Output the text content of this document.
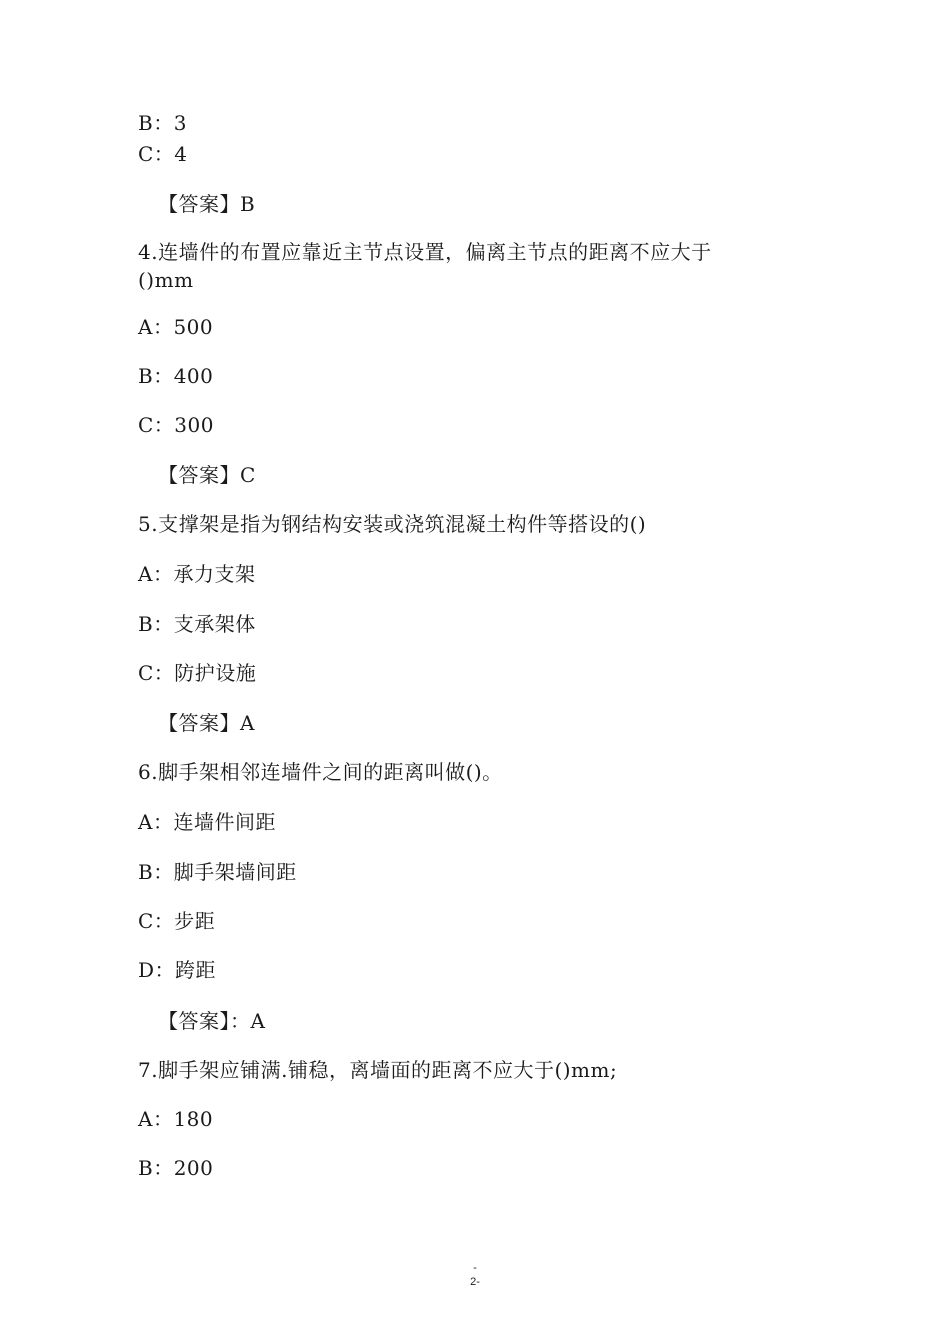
B：3
C：4
【答案】B
4.连墙件的布置应靠近主节点设置，偏离主节点的距离不应大于
()mm
A：500
B：400
C：300
【答案】C
5.支撑架是指为钢结构安装或浇筑混凝土构件等搭设的()
A：承力支架
B：支承架体
C：防护设施
【答案】A
6.脚手架相邻连墙件之间的距离叫做()。
A：连墙件间距
B：脚手架墙间距
C：步距
D：跨距
【答案】：A
7.脚手架应铺满.铺稳，离墙面的距离不应大于()mm;
A：180
B：200
-
2-
